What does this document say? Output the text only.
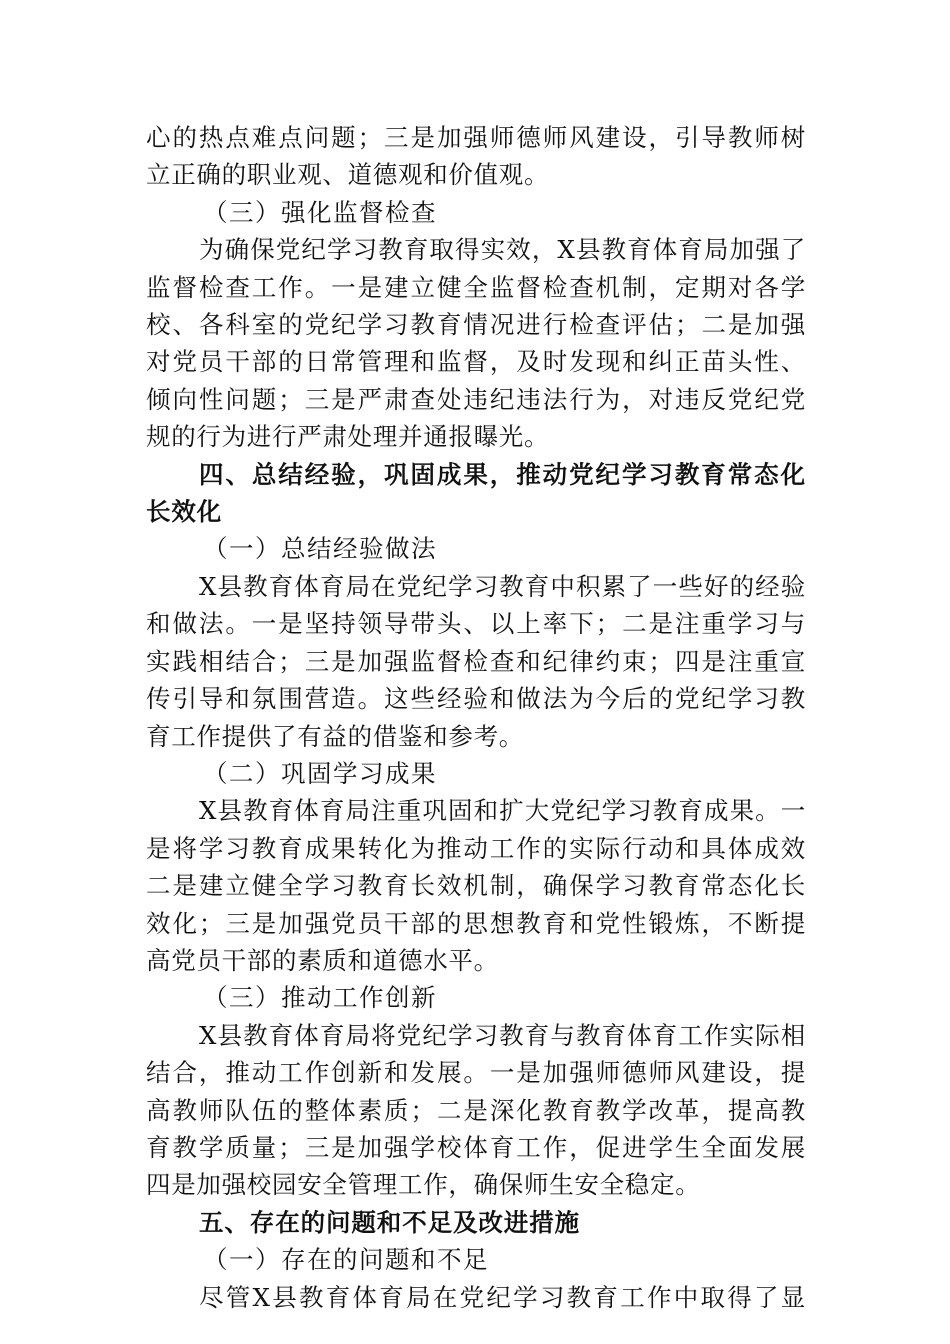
心的热点难点问题；三是加强师德师风建设，引导教师树
立正确的职业观、道德观和价值观。

（三）强化监督检查

为确保党纪学习教育取得实效，X县教育体育局加强了
监督检查工作。一是建立健全监督检查机制，定期对各学
校、各科室的党纪学习教育情况进行检查评估；二是加强
对党员干部的日常管理和监督，及时发现和纠正苗头性、
倾向性问题；三是严肃查处违纪违法行为，对违反党纪党
规的行为进行严肃处理并通报曝光。

四、总结经验，巩固成果，推动党纪学习教育常态化
长效化

（一）总结经验做法

X县教育体育局在党纪学习教育中积累了一些好的经验
和做法。一是坚持领导带头、以上率下；二是注重学习与
实践相结合；三是加强监督检查和纪律约束；四是注重宣
传引导和氛围营造。这些经验和做法为今后的党纪学习教
育工作提供了有益的借鉴和参考。

（二）巩固学习成果

X县教育体育局注重巩固和扩大党纪学习教育成果。一
是将学习教育成果转化为推动工作的实际行动和具体成效
二是建立健全学习教育长效机制，确保学习教育常态化长
效化；三是加强党员干部的思想教育和党性锻炼，不断提
高党员干部的素质和道德水平。

（三）推动工作创新

X县教育体育局将党纪学习教育与教育体育工作实际相
结合，推动工作创新和发展。一是加强师德师风建设，提
高教师队伍的整体素质；二是深化教育教学改革，提高教
育教学质量；三是加强学校体育工作，促进学生全面发展
四是加强校园安全管理工作，确保师生安全稳定。

五、存在的问题和不足及改进措施

（一）存在的问题和不足

尽管X县教育体育局在党纪学习教育工作中取得了显
